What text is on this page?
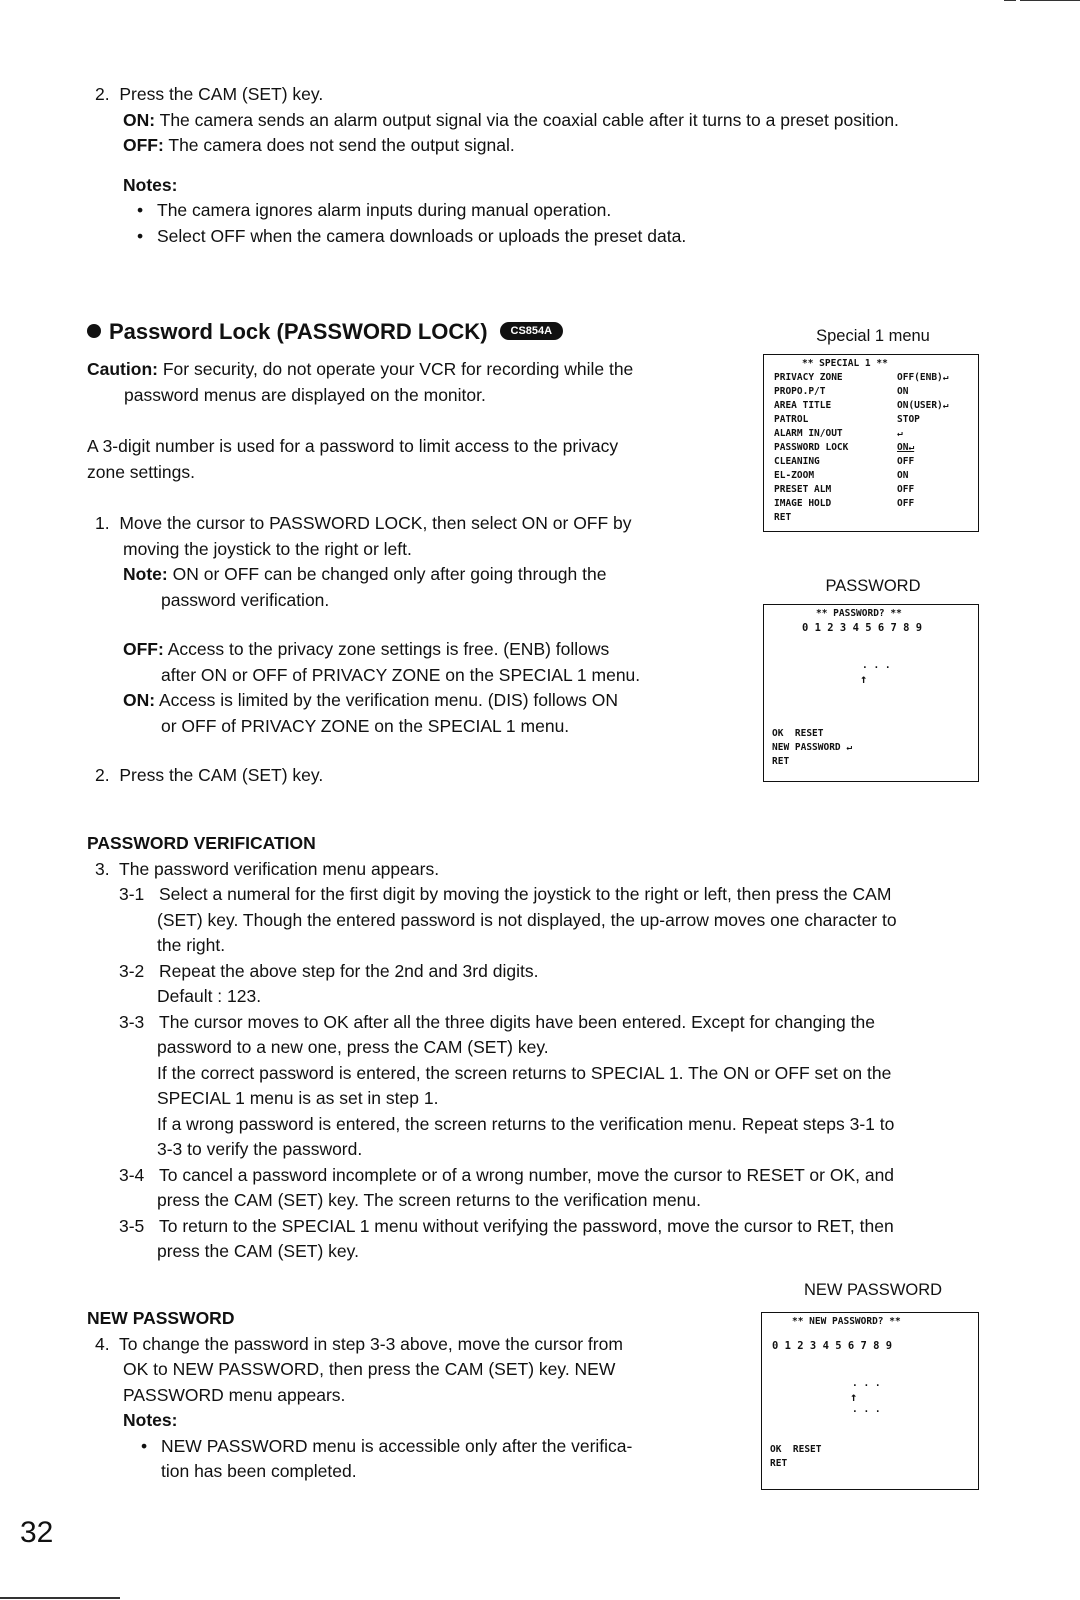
2. Press the CAM (SET) key.

ON: The camera sends an alarm output signal via the coaxial cable after it turns to a preset position.

OFF: The camera does not send the output signal.

Notes:

• The camera ignores alarm inputs during manual operation.

• Select OFF when the camera downloads or uploads the preset data.

Password Lock (PASSWORD LOCK) CS854A

Caution: For security, do not operate your VCR for recording while the

password menus are displayed on the monitor.

A 3-digit number is used for a password to limit access to the privacy

zone settings.

1. Move the cursor to PASSWORD LOCK, then select ON or OFF by

moving the joystick to the right or left.

Note: ON or OFF can be changed only after going through the

password verification.

OFF: Access to the privacy zone settings is free. (ENB) follows

after ON or OFF of PRIVACY ZONE on the SPECIAL 1 menu.

ON: Access is limited by the verification menu. (DIS) follows ON

or OFF of PRIVACY ZONE on the SPECIAL 1 menu.

2. Press the CAM (SET) key.

Special 1 menu
** SPECIAL 1 **
PRIVACY ZONE	OFF(ENB)↵
PROPO.P/T	ON
AREA TITLE	ON(USER)↵
PATROL	STOP
ALARM IN/OUT	↵
PASSWORD LOCK	ON↵
CLEANING	OFF
EL-ZOOM	ON
PRESET ALM	OFF
IMAGE HOLD	OFF
RET
PASSWORD
** PASSWORD? **
0 1 2 3 4 5 6 7 8 9
. . .
↑
OK  RESET
NEW PASSWORD ↵
RET

PASSWORD VERIFICATION

3. The password verification menu appears.

3-1 Select a numeral for the first digit by moving the joystick to the right or left, then press the CAM

(SET) key. Though the entered password is not displayed, the up-arrow moves one character to

the right.

3-2 Repeat the above step for the 2nd and 3rd digits.

Default : 123.

3-3 The cursor moves to OK after all the three digits have been entered. Except for changing the

password to a new one, press the CAM (SET) key.

If the correct password is entered, the screen returns to SPECIAL 1. The ON or OFF set on the

SPECIAL 1 menu is as set in step 1.

If a wrong password is entered, the screen returns to the verification menu. Repeat steps 3-1 to

3-3 to verify the password.

3-4 To cancel a password incomplete or of a wrong number, move the cursor to RESET or OK, and

press the CAM (SET) key. The screen returns to the verification menu.

3-5 To return to the SPECIAL 1 menu without verifying the password, move the cursor to RET, then

press the CAM (SET) key.

NEW PASSWORD

4. To change the password in step 3-3 above, move the cursor from

OK to NEW PASSWORD, then press the CAM (SET) key. NEW

PASSWORD menu appears.

Notes:

• NEW PASSWORD menu is accessible only after the verifica-

tion has been completed.

NEW PASSWORD
** NEW PASSWORD? **
0 1 2 3 4 5 6 7 8 9
. . .
↑
. . .
OK  RESET
RET
32
